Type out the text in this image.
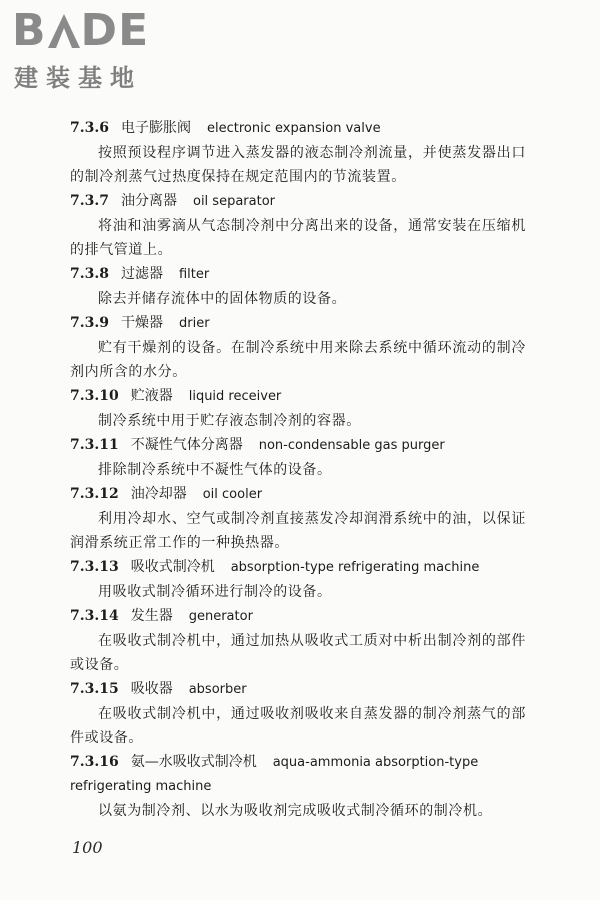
B DE
建装基地
7.3.6 电子膨胀阀 electronic expansion valve

按照预设程序调节进入蒸发器的液态制冷剂流量，并使蒸发器出口的制冷剂蒸气过热度保持在规定范围内的节流装置。

7.3.7 油分离器 oil separator

将油和油雾滴从气态制冷剂中分离出来的设备，通常安装在压缩机的排气管道上。

7.3.8 过滤器 filter

除去并储存流体中的固体物质的设备。

7.3.9 干燥器 drier

贮有干燥剂的设备。在制冷系统中用来除去系统中循环流动的制冷剂内所含的水分。

7.3.10 贮液器 liquid receiver

制冷系统中用于贮存液态制冷剂的容器。

7.3.11 不凝性气体分离器 non-condensable gas purger

排除制冷系统中不凝性气体的设备。

7.3.12 油冷却器 oil cooler

利用冷却水、空气或制冷剂直接蒸发冷却润滑系统中的油，以保证润滑系统正常工作的一种换热器。

7.3.13 吸收式制冷机 absorption-type refrigerating machine

用吸收式制冷循环进行制冷的设备。

7.3.14 发生器 generator

在吸收式制冷机中，通过加热从吸收式工质对中析出制冷剂的部件或设备。

7.3.15 吸收器 absorber

在吸收式制冷机中，通过吸收剂吸收来自蒸发器的制冷剂蒸气的部件或设备。

7.3.16 氨—水吸收式制冷机 aqua-ammonia absorption-type
refrigerating machine

以氨为制冷剂、以水为吸收剂完成吸收式制冷循环的制冷机。

100
